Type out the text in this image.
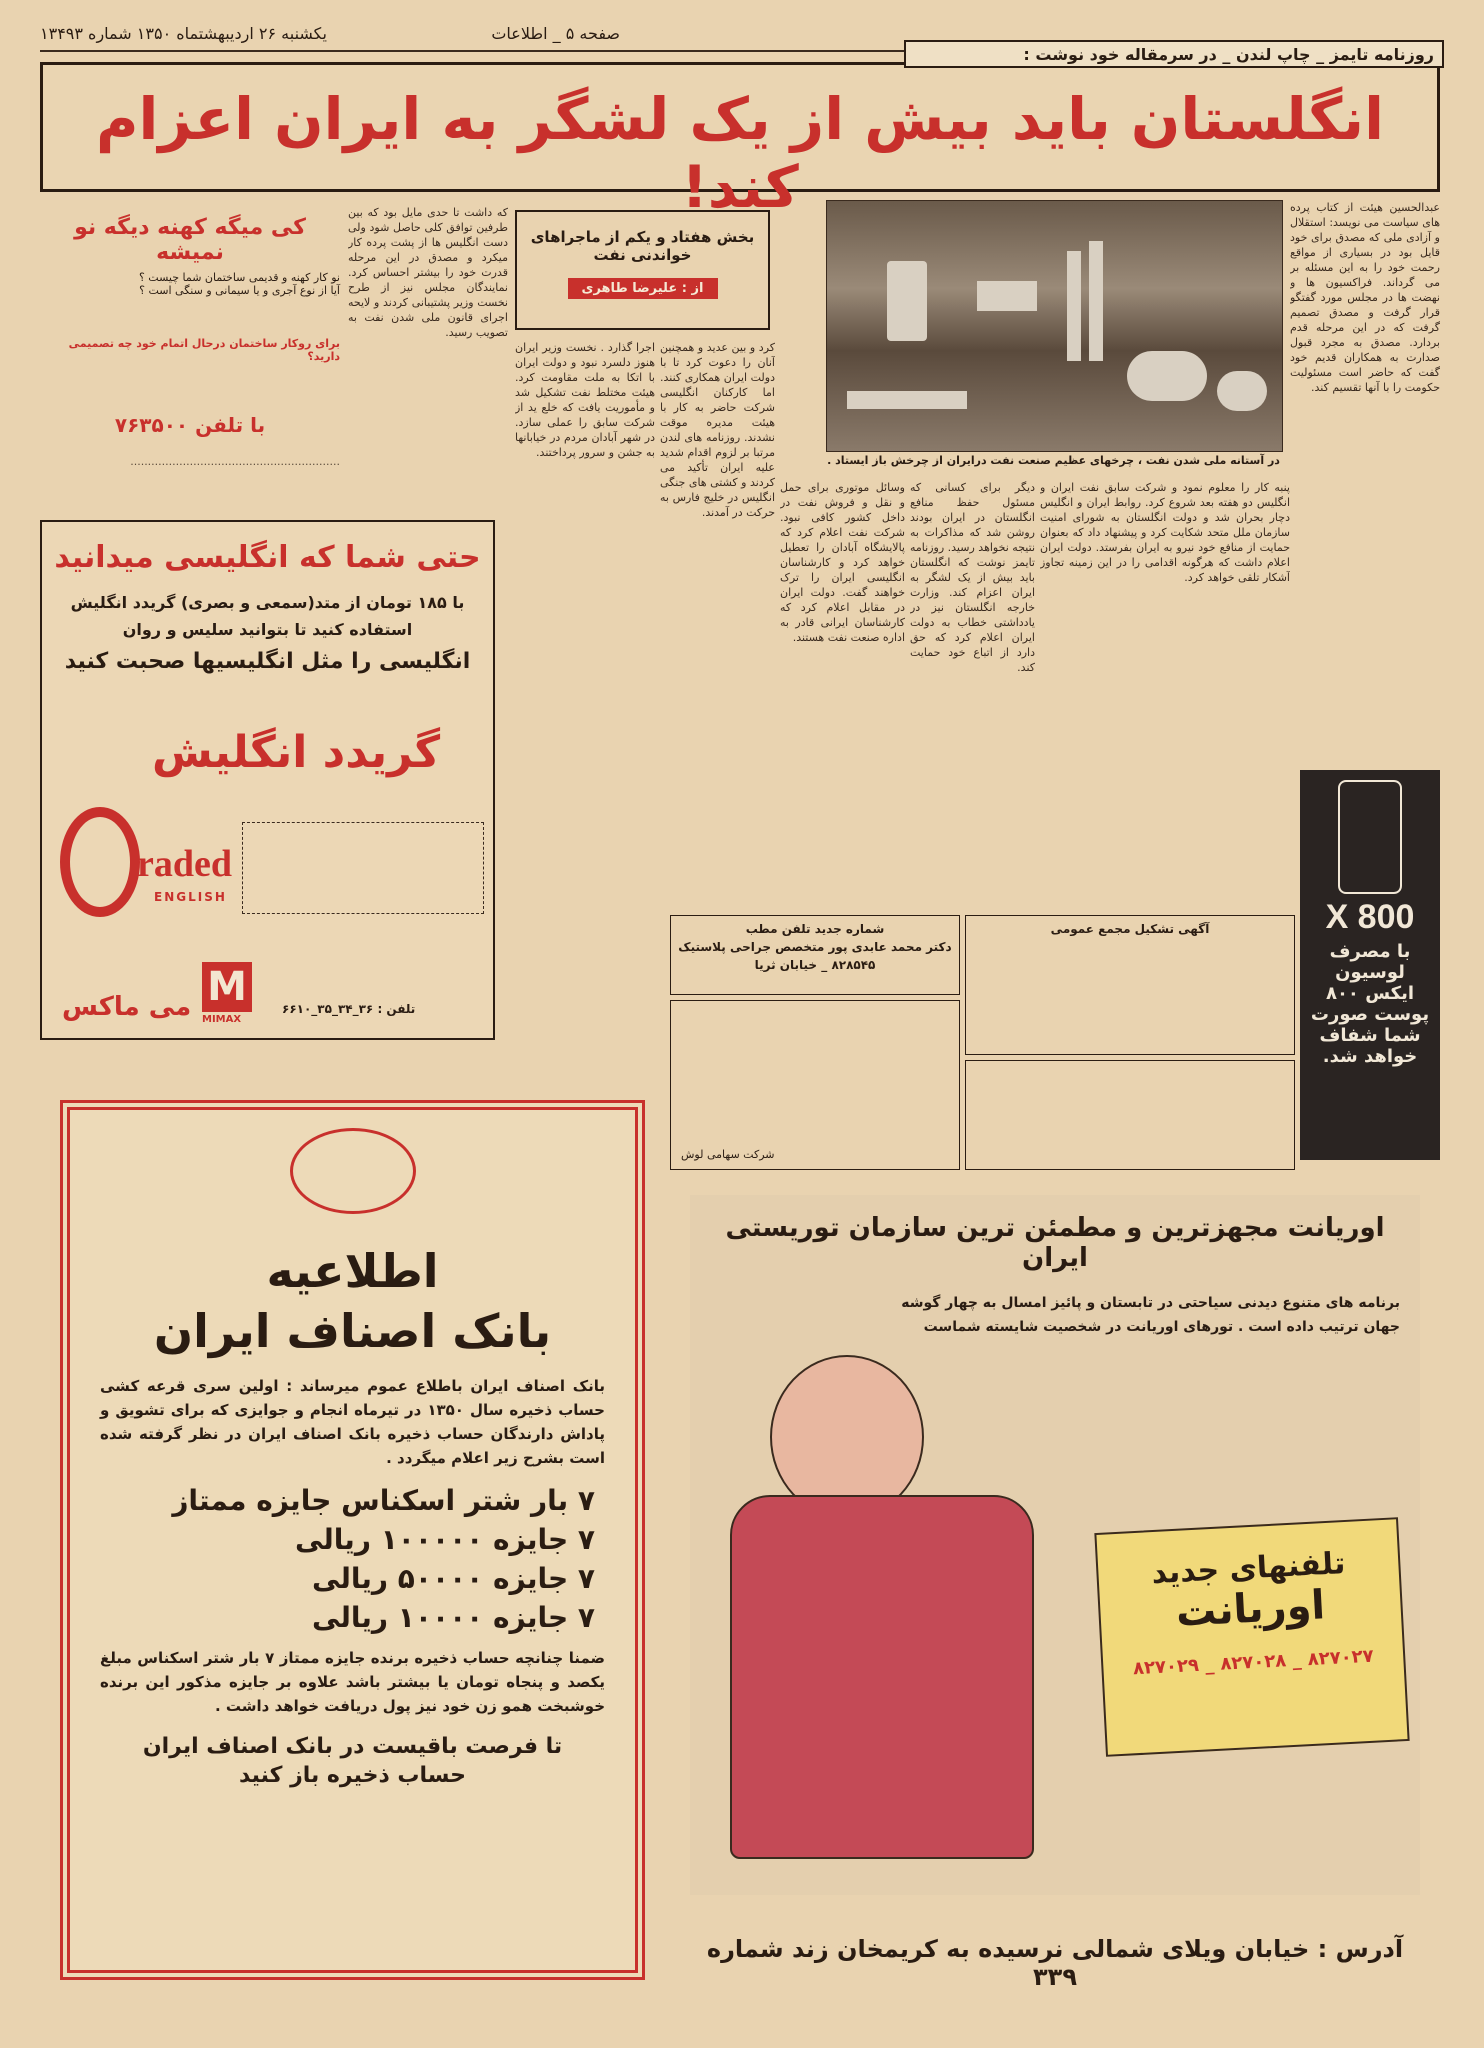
یکشنبه ۲۶ اردیبهشتماه ۱۳۵۰ شماره ۱۳۴۹۳	صفحه ۵ _ اطلاعات
انگلستان باید بیش از یک لشگر به ایران اعزام کند!
روزنامه تایمز _ چاپ لندن _ در سرمقاله خود نوشت :
کی میگه کهنه دیگه نو نمیشه
نو کار کهنه و قدیمی ساختمان شما چیست ؟
آیا از نوع آجری و یا سیمانی و سنگی است ؟
برای روکار ساختمان درحال اتمام خود چه تصمیمی دارید؟
با تلفن ۷۶۳۵۰۰
............................................................
که داشت تا حدی مایل بود که بین طرفین توافق کلی حاصل شود ولی دست انگلیس ها از پشت پرده کار میکرد و مصدق در این مرحله قدرت خود را بیشتر احساس کرد. نمایندگان مجلس نیز از طرح نخست وزیر پشتیبانی کردند و لایحه اجرای قانون ملی شدن نفت به تصویب رسید.
بخش هفتاد و یکم از ماجراهای خواندنی نفت
از : علیرضا طاهری
اجرا گذارد . نخست وزیر ایران هنوز دلسرد نبود و دولت ایران با اتکا به ملت مقاومت کرد. هیئت مختلط نفت تشکیل شد و مأموریت یافت که خلع ید از شرکت سابق را عملی سازد. در شهر آبادان مردم در خیابانها به جشن و سرور پرداختند.
کرد و بین عدید و همچنین آنان را دعوت کرد تا با دولت ایران همکاری کنند. اما کارکنان انگلیسی شرکت حاضر به کار با هیئت مدیره موقت نشدند. روزنامه های لندن مرتبا بر لزوم اقدام شدید علیه ایران تأکید می کردند و کشتی های جنگی انگلیس در خلیج فارس به حرکت در آمدند.
در آستانه ملی شدن نفت ، چرخهای عظیم صنعت نفت درایران از چرخش باز ایستاد .
عبدالحسین هیئت از کتاب پرده های سیاست می نویسد: استقلال و آزادی ملی که مصدق برای خود قایل بود در بسیاری از مواقع رحمت خود را به این مسئله بر می گرداند. فراکسیون ها و نهضت ها در مجلس مورد گفتگو قرار گرفت و مصدق تصمیم گرفت که در این مرحله قدم بردارد. مصدق به مجرد قبول صدارت به همکاران قدیم خود گفت که حاضر است مسئولیت حکومت را با آنها تقسیم کند.
وسائل موتوری برای حمل و نقل و فروش نفت در داخل کشور کافی نبود. شرکت نفت اعلام کرد که پالایشگاه آبادان را تعطیل خواهد کرد و کارشناسان انگلیسی ایران را ترک خواهند گفت. دولت ایران در مقابل اعلام کرد که کارشناسان ایرانی قادر به اداره صنعت نفت هستند.
دیگر برای کسانی که مسئول حفظ منافع انگلستان در ایران بودند روشن شد که مذاکرات به نتیجه نخواهد رسید. روزنامه تایمز نوشت که انگلستان باید بیش از یک لشگر به ایران اعزام کند. وزارت خارجه انگلستان نیز در یادداشتی خطاب به دولت ایران اعلام کرد که حق دارد از اتباع خود حمایت کند.
پنبه کار را معلوم نمود و شرکت سابق نفت ایران و انگلیس دو هفته بعد شروع کرد. روابط ایران و انگلیس دچار بحران شد و دولت انگلستان به شورای امنیت سازمان ملل متحد شکایت کرد و پیشنهاد داد که بعنوان حمایت از منافع خود نیرو به ایران بفرستد. دولت ایران اعلام داشت که هرگونه اقدامی را در این زمینه تجاوز آشکار تلقی خواهد کرد.
حتی شما که انگلیسی میدانید
با ۱۸۵ تومان از متد(سمعی و بصری) گریدد انگلیش
استفاده کنید تا بتوانید سلیس و روان
انگلیسی را مثل انگلیسیها صحبت کنید
گریدد انگلیش
raded
ENGLISH
می ماکس M
MIMAX
تلفن : ۳۶_۳۴_۳۵_۶۶۱۰
شماره جدید تلفن مطب
دکتر محمد عابدی پور متخصص جراحی پلاستیک
۸۲۸۵۴۵ _ خیابان ثریا
آگهی تشکیل مجمع عمومی
شرکت سهامی لوش
X 800
با مصرف
لوسیون
ایکس ۸۰۰
پوست صورت
شما شفاف
خواهد شد.
اطلاعیه
بانک اصناف ایران
بانک اصناف ایران باطلاع عموم میرساند : اولین سری قرعه کشی حساب ذخیره سال ۱۳۵۰ در تیرماه انجام و جوایزی که برای تشویق و پاداش دارندگان حساب ذخیره بانک اصناف ایران در نظر گرفته شده است بشرح زیر اعلام میگردد .
۷ بار شتر اسکناس جایزه ممتاز
۷ جایزه ۱۰۰۰۰۰ ریالی
۷ جایزه ۵۰۰۰۰ ریالی
۷ جایزه ۱۰۰۰۰ ریالی
ضمنا چنانچه حساب ذخیره برنده جایزه ممتاز ۷ بار شتر اسکناس مبلغ یکصد و پنجاه تومان یا بیشتر باشد علاوه بر جایزه مذکور این برنده خوشبخت همو زن خود نیز پول دریافت خواهد داشت .
تا فرصت باقیست در بانک اصناف ایران
حساب ذخیره باز کنید
اوریانت مجهزترین و مطمئن ترین سازمان توریستی ایران
برنامه های متنوع دیدنی سیاحتی در تابستان و پائیز امسال به چهار گوشه
جهان ترتیب داده است . تورهای اوریانت در شخصیت شایسته شماست
تلفنهای جدید
اوریانت
۸۲۷۰۲۷ _ ۸۲۷۰۲۸ _ ۸۲۷۰۲۹
آدرس : خیابان ویلای شمالی نرسیده به کریمخان زند شماره ۳۳۹
